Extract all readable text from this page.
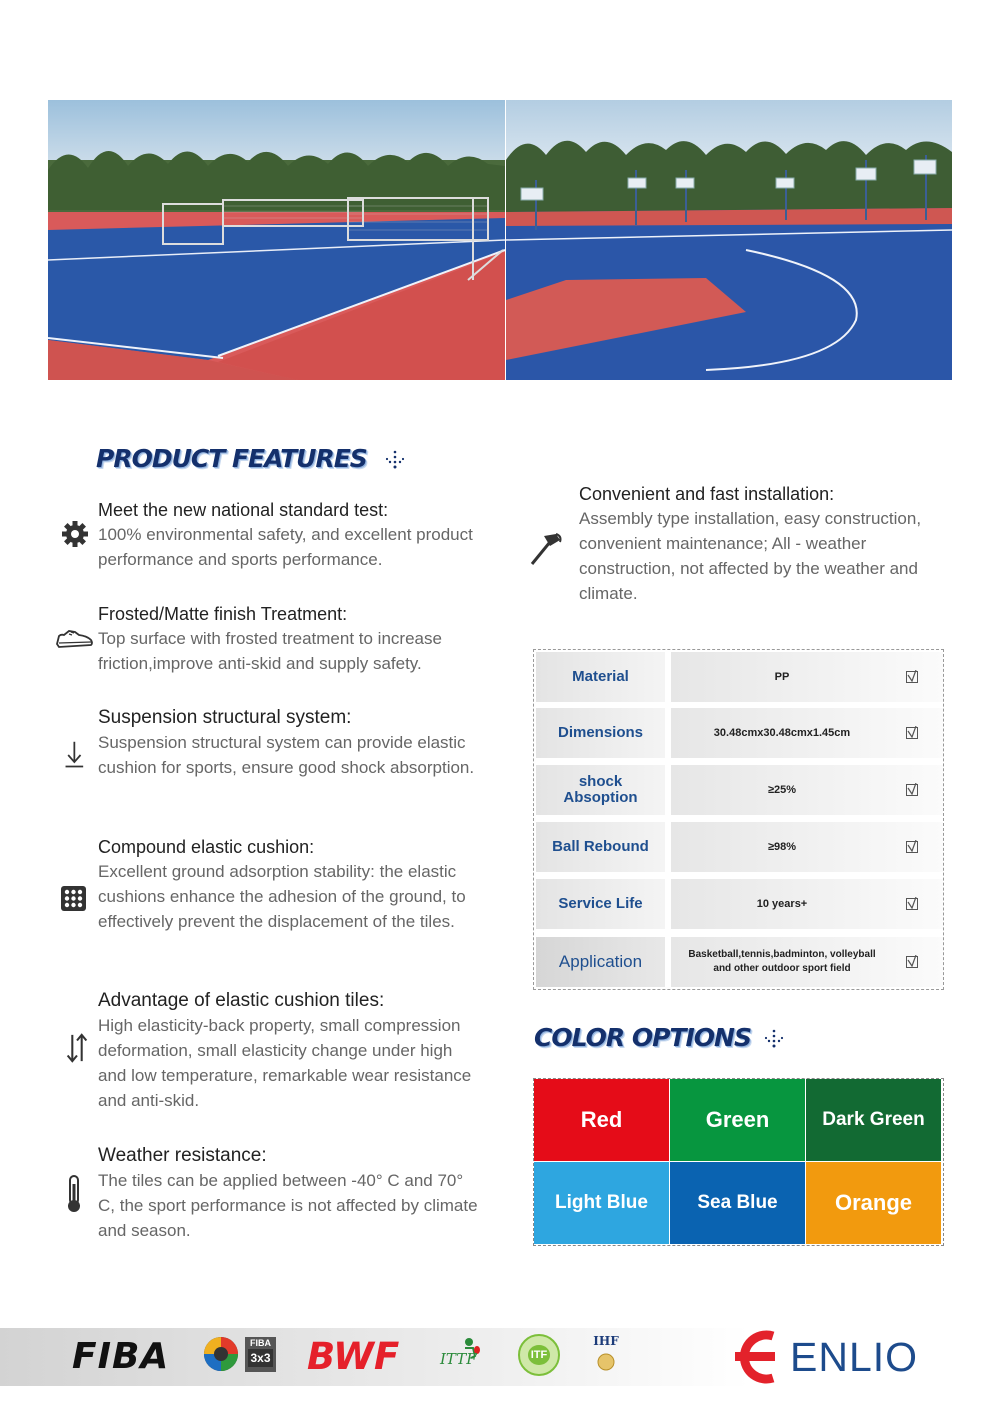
PRODUCT FEATURES
Meet the new national standard test:

100% environmental safety, and excellent product performance and sports performance.

Frosted/Matte finish Treatment:

Top surface with frosted treatment to increase friction,improve anti-skid and supply safety.

Suspension structural system:

Suspension structural system can provide elastic cushion for sports, ensure good shock absorption.

Compound elastic cushion:

Excellent ground adsorption stability: the elastic cushions enhance the adhesion of the ground, to effectively prevent the displacement of the tiles.

Advantage of elastic cushion tiles:

High elasticity-back property, small compression deformation, small elasticity change under high and low temperature, remarkable wear resistance and anti-skid.

Weather resistance:

The tiles can be applied between -40° C and 70° C, the sport performance is not affected by climate and season.

Convenient and fast installation:

Assembly type installation, easy construction, convenient maintenance; All - weather construction, not affected by the weather and climate.

Material	PP
Dimensions	30.48cmx30.48cmx1.45cm
shock Absoption	≥25%
Ball Rebound	≥98%
Service Life	10 years+
Application	Basketball,tennis,badminton, volleyball and other outdoor sport field
COLOR OPTIONS
Red	Green	Dark Green
Light Blue	Sea Blue	Orange
FIBA	FIBA
3x3 BWF	ITTF	ITF
IHF	ENLIO
